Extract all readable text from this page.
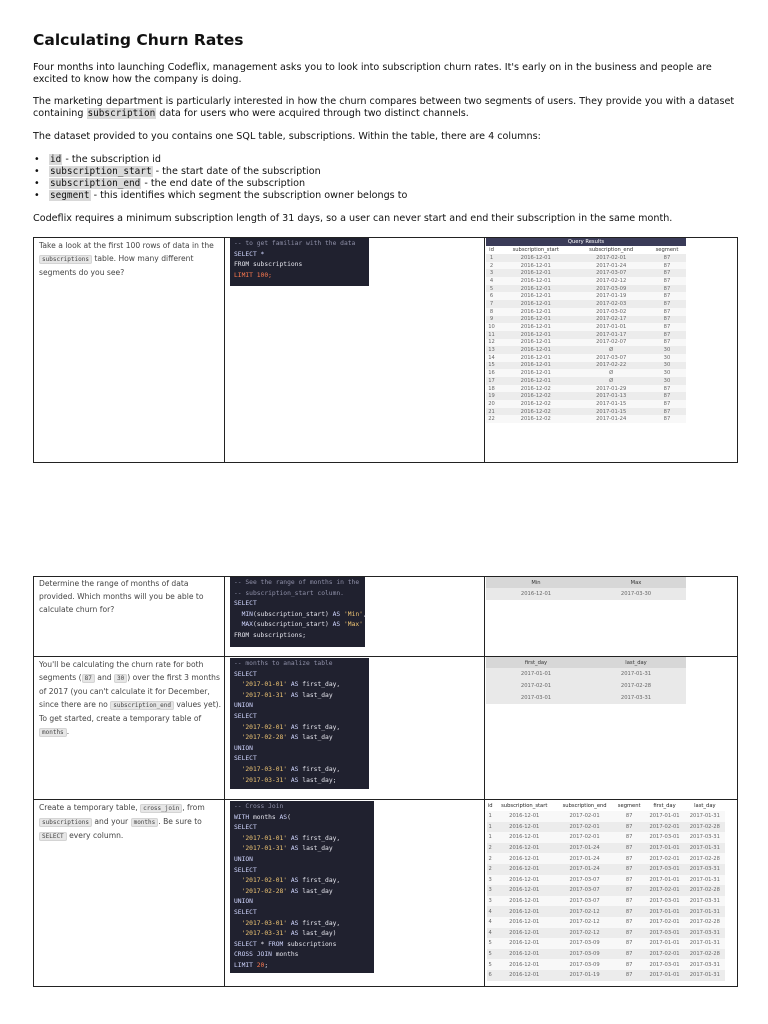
Calculating Churn Rates

Four months into launching Codeflix, management asks you to look into subscription churn rates. It's early on in the business and people are excited to know how the company is doing.

The marketing department is particularly interested in how the churn compares between two segments of users. They provide you with a dataset containing subscription data for users who were acquired through two distinct channels.

The dataset provided to you contains one SQL table, subscriptions. Within the table, there are 4 columns:

• id - the subscription id
• subscription_start - the start date of the subscription
• subscription_end - the end date of the subscription
• segment - this identifies which segment the subscription owner belongs to

Codeflix requires a minimum subscription length of 31 days, so a user can never start and end their subscription in the same month.

Take a look at the first 100 rows of data in the subscriptions table. How many different segments do you see?
-- to get familiar with the data
SELECT *
FROM subscriptions
LIMIT 100;
Query Results
id	subscription_start	subscription_end	segment
1	2016-12-01	2017-02-01	87
2	2016-12-01	2017-01-24	87
3	2016-12-01	2017-03-07	87
4	2016-12-01	2017-02-12	87
5	2016-12-01	2017-03-09	87
6	2016-12-01	2017-01-19	87
7	2016-12-01	2017-02-03	87
8	2016-12-01	2017-03-02	87
9	2016-12-01	2017-02-17	87
10	2016-12-01	2017-01-01	87
11	2016-12-01	2017-01-17	87
12	2016-12-01	2017-02-07	87
13	2016-12-01	Ø	30
14	2016-12-01	2017-03-07	30
15	2016-12-01	2017-02-22	30
16	2016-12-01	Ø	30
17	2016-12-01	Ø	30
18	2016-12-02	2017-01-29	87
19	2016-12-02	2017-01-13	87
20	2016-12-02	2017-01-15	87
21	2016-12-02	2017-01-15	87
22	2016-12-02	2017-01-24	87
Determine the range of months of data provided. Which months will you be able to calculate churn for?
-- See the range of months in the
-- subscription_start column.
SELECT
MIN(subscription_start) AS 'Min',
MAX(subscription_start) AS 'Max'
FROM subscriptions;
Min	Max
2016-12-01	2017-03-30
You'll be calculating the churn rate for both segments ( 87 and 30 ) over the first 3 months of 2017 (you can't calculate it for December, since there are no subscription_end values yet). To get started, create a temporary table of months .
-- months to analize table
SELECT
'2017-01-01' AS first_day,
'2017-01-31' AS last_day
UNION
SELECT
'2017-02-01' AS first_day,
'2017-02-28' AS last_day
UNION
SELECT
'2017-03-01' AS first_day,
'2017-03-31' AS last_day;
first_day	last_day
2017-01-01	2017-01-31
2017-02-01	2017-02-28
2017-03-01	2017-03-31
Create a temporary table, cross_join , from subscriptions and your months . Be sure to SELECT every column.
-- Cross Join
WITH months AS(
SELECT
'2017-01-01' AS first_day,
'2017-01-31' AS last_day
UNION
SELECT
'2017-02-01' AS first_day,
'2017-02-28' AS last_day
UNION
SELECT
'2017-03-01' AS first_day,
'2017-03-31' AS last_day)
SELECT * FROM subscriptions
CROSS JOIN months
LIMIT 20;
id	subscription_start	subscription_end	segment	first_day	last_day
1	2016-12-01	2017-02-01	87	2017-01-01	2017-01-31
1	2016-12-01	2017-02-01	87	2017-02-01	2017-02-28
1	2016-12-01	2017-02-01	87	2017-03-01	2017-03-31
2	2016-12-01	2017-01-24	87	2017-01-01	2017-01-31
2	2016-12-01	2017-01-24	87	2017-02-01	2017-02-28
2	2016-12-01	2017-01-24	87	2017-03-01	2017-03-31
3	2016-12-01	2017-03-07	87	2017-01-01	2017-01-31
3	2016-12-01	2017-03-07	87	2017-02-01	2017-02-28
3	2016-12-01	2017-03-07	87	2017-03-01	2017-03-31
4	2016-12-01	2017-02-12	87	2017-01-01	2017-01-31
4	2016-12-01	2017-02-12	87	2017-02-01	2017-02-28
4	2016-12-01	2017-02-12	87	2017-03-01	2017-03-31
5	2016-12-01	2017-03-09	87	2017-01-01	2017-01-31
5	2016-12-01	2017-03-09	87	2017-02-01	2017-02-28
5	2016-12-01	2017-03-09	87	2017-03-01	2017-03-31
6	2016-12-01	2017-01-19	87	2017-01-01	2017-01-31
